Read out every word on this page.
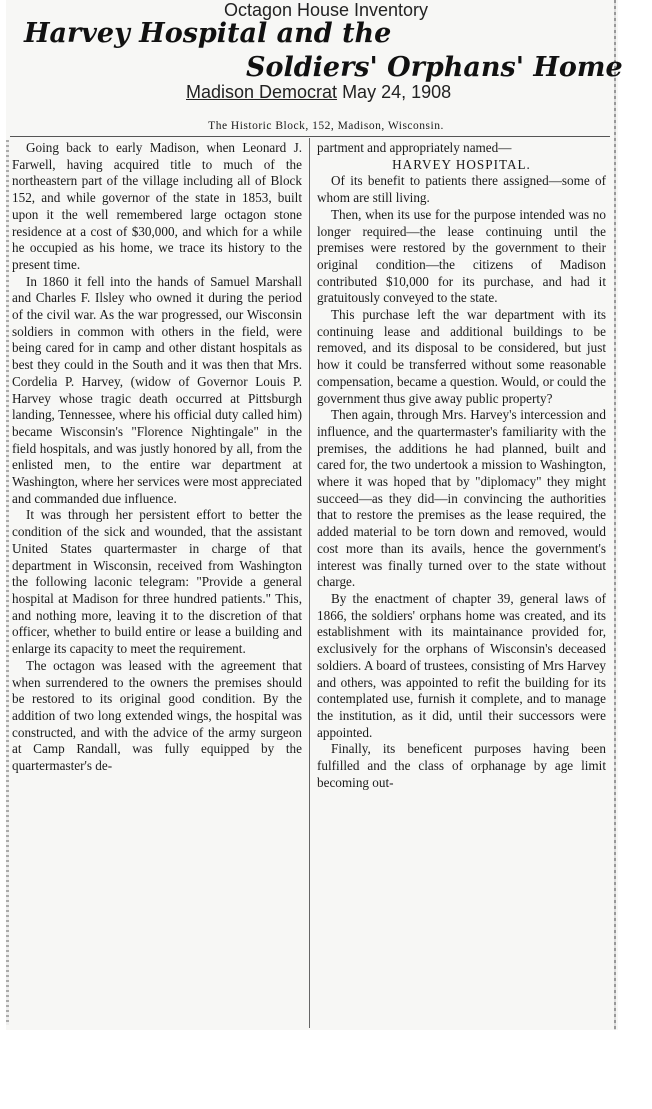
Octagon House Inventory
Harvey Hospital and the
Soldiers' Orphans' Home
Madison Democrat May 24, 1908
The Historic Block, 152, Madison, Wisconsin.

Going back to early Madison, when Leonard J. Farwell, having acquired title to much of the northeastern part of the village including all of Block 152, and while governor of the state in 1853, built upon it the well remembered large octagon stone residence at a cost of $30,000, and which for a while he occupied as his home, we trace its history to the present time.

In 1860 it fell into the hands of Samuel Marshall and Charles F. Ilsley who owned it during the period of the civil war. As the war progressed, our Wisconsin soldiers in common with others in the field, were being cared for in camp and other distant hospitals as best they could in the South and it was then that Mrs. Cordelia P. Harvey, (widow of Governor Louis P. Harvey whose tragic death occurred at Pittsburgh landing, Tennessee, where his official duty called him) became Wisconsin's "Florence Nightingale" in the field hospitals, and was justly honored by all, from the enlisted men, to the entire war department at Washington, where her services were most appreciated and commanded due influence.

It was through her persistent effort to better the condition of the sick and wounded, that the assistant United States quartermaster in charge of that department in Wisconsin, received from Washington the following laconic telegram: "Provide a general hospital at Madison for three hundred patients." This, and nothing more, leaving it to the discretion of that officer, whether to build entire or lease a building and enlarge its capacity to meet the requirement.

The octagon was leased with the agreement that when surrendered to the owners the premises should be restored to its original good condition. By the addition of two long extended wings, the hospital was constructed, and with the advice of the army surgeon at Camp Randall, was fully equipped by the quartermaster's de-

partment and appropriately named—

HARVEY HOSPITAL.

Of its benefit to patients there assigned—some of whom are still living.

Then, when its use for the purpose intended was no longer required—the lease continuing until the premises were restored by the government to their original condition—the citizens of Madison contributed $10,000 for its purchase, and had it gratuitously conveyed to the state.

This purchase left the war department with its continuing lease and additional buildings to be removed, and its disposal to be considered, but just how it could be transferred without some reasonable compensation, became a question. Would, or could the government thus give away public property?

Then again, through Mrs. Harvey's intercession and influence, and the quartermaster's familiarity with the premises, the additions he had planned, built and cared for, the two undertook a mission to Washington, where it was hoped that by "diplomacy" they might succeed—as they did—in convincing the authorities that to restore the premises as the lease required, the added material to be torn down and removed, would cost more than its avails, hence the government's interest was finally turned over to the state without charge.

By the enactment of chapter 39, general laws of 1866, the soldiers' orphans home was created, and its establishment with its maintainance provided for, exclusively for the orphans of Wisconsin's deceased soldiers. A board of trustees, consisting of Mrs Harvey and others, was appointed to refit the building for its contemplated use, furnish it complete, and to manage the institution, as it did, until their successors were appointed.

Finally, its beneficent purposes having been fulfilled and the class of orphanage by age limit becoming out-
